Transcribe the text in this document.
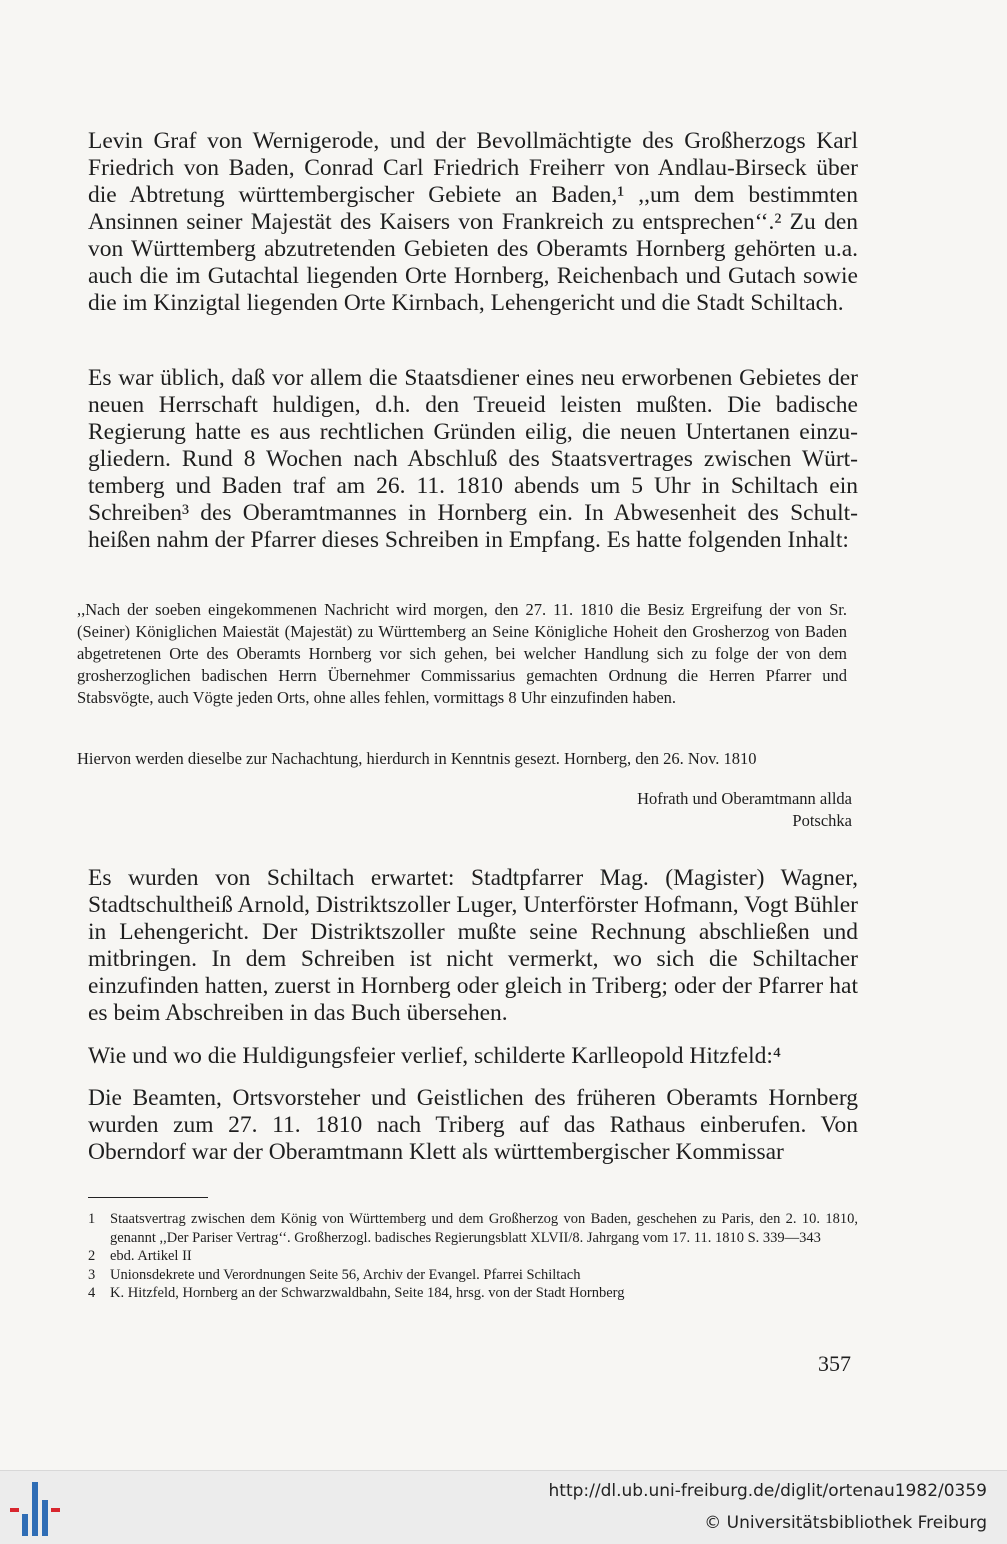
Levin Graf von Wernigerode, und der Bevollmächtigte des Großherzogs Karl Friedrich von Baden, Conrad Carl Friedrich Freiherr von Andlau-Birseck über die Abtretung württembergischer Gebiete an Baden,¹ ,,um dem bestimmten Ansinnen seiner Majestät des Kaisers von Frankreich zu entsprechen‘‘.² Zu den von Württemberg abzutretenden Gebieten des Oberamts Hornberg gehörten u.a. auch die im Gutachtal liegenden Orte Hornberg, Reichenbach und Gutach sowie die im Kinzigtal liegenden Orte Kirnbach, Lehengericht und die Stadt Schiltach.

Es war üblich, daß vor allem die Staatsdiener eines neu erworbenen Gebietes der neuen Herrschaft huldigen, d.h. den Treueid leisten mußten. Die badische Regierung hatte es aus rechtlichen Gründen eilig, die neuen Untertanen einzugliedern. Rund 8 Wochen nach Abschluß des Staatsvertrages zwischen Württemberg und Baden traf am 26. 11. 1810 abends um 5 Uhr in Schiltach ein Schreiben³ des Oberamtmannes in Hornberg ein. In Abwesenheit des Schultheißen nahm der Pfarrer dieses Schreiben in Empfang. Es hatte folgenden Inhalt:

,,Nach der soeben eingekommenen Nachricht wird morgen, den 27. 11. 1810 die Besiz Ergreifung der von Sr. (Seiner) Königlichen Maiestät (Majestät) zu Württemberg an Seine Königliche Hoheit den Grosherzog von Baden abgetretenen Orte des Oberamts Hornberg vor sich gehen, bei welcher Handlung sich zu folge der von dem grosherzoglichen badischen Herrn Übernehmer Commissarius gemachten Ordnung die Herren Pfarrer und Stabsvögte, auch Vögte jeden Orts, ohne alles fehlen, vormittags 8 Uhr einzufinden haben.

Hiervon werden dieselbe zur Nachachtung, hierdurch in Kenntnis gesezt. Hornberg, den 26. Nov. 1810

Hofrath und Oberamtmann allda
Potschka

Es wurden von Schiltach erwartet: Stadtpfarrer Mag. (Magister) Wagner, Stadtschultheiß Arnold, Distriktszoller Luger, Unterförster Hofmann, Vogt Bühler in Lehengericht. Der Distriktszoller mußte seine Rechnung abschließen und mitbringen. In dem Schreiben ist nicht vermerkt, wo sich die Schiltacher einzufinden hatten, zuerst in Hornberg oder gleich in Triberg; oder der Pfarrer hat es beim Abschreiben in das Buch übersehen.

Wie und wo die Huldigungsfeier verlief, schilderte Karlleopold Hitzfeld:⁴

Die Beamten, Ortsvorsteher und Geistlichen des früheren Oberamts Hornberg wurden zum 27. 11. 1810 nach Triberg auf das Rathaus einberufen. Von Oberndorf war der Oberamtmann Klett als württembergischer Kommissar

1	Staatsvertrag zwischen dem König von Württemberg und dem Großherzog von Baden, geschehen zu Paris, den 2. 10. 1810, genannt ,,Der Pariser Vertrag‘‘. Großherzogl. badisches Regierungsblatt XLVII/8. Jahrgang vom 17. 11. 1810 S. 339—343
2	ebd. Artikel II
3	Unionsdekrete und Verordnungen Seite 56, Archiv der Evangel. Pfarrei Schiltach
4	K. Hitzfeld, Hornberg an der Schwarzwaldbahn, Seite 184, hrsg. von der Stadt Hornberg
357
http://dl.ub.uni-freiburg.de/diglit/ortenau1982/0359
© Universitätsbibliothek Freiburg
